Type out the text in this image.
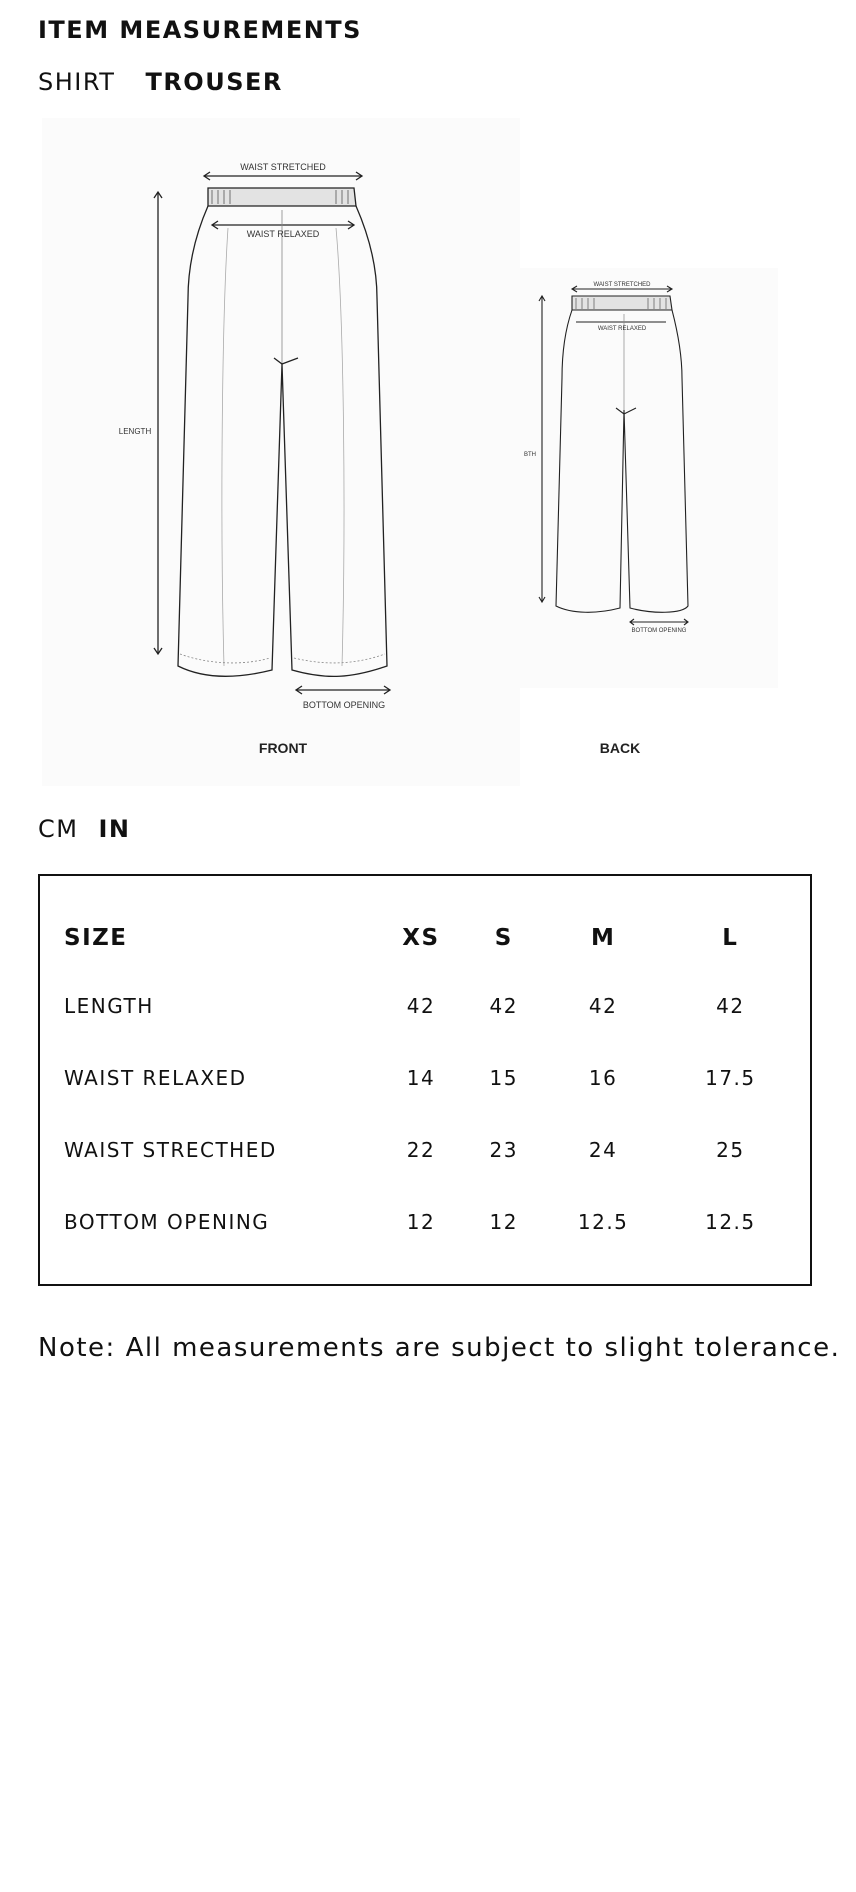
ITEM MEASUREMENTS
SHIRT TROUSER
WAIST STRETCHED
WAIST RELAXED
LENGTH
BOTTOM OPENING
FRONT
WAIST STRETCHED
WAIST RELAXED
BTH
BOTTOM OPENING
BACK
CM IN
SIZE	XS	S	M	L
LENGTH	42	42	42	42
WAIST RELAXED	14	15	16	17.5
WAIST STRECTHED	22	23	24	25
BOTTOM OPENING	12	12	12.5	12.5
Note: All measurements are subject to slight tolerance.
